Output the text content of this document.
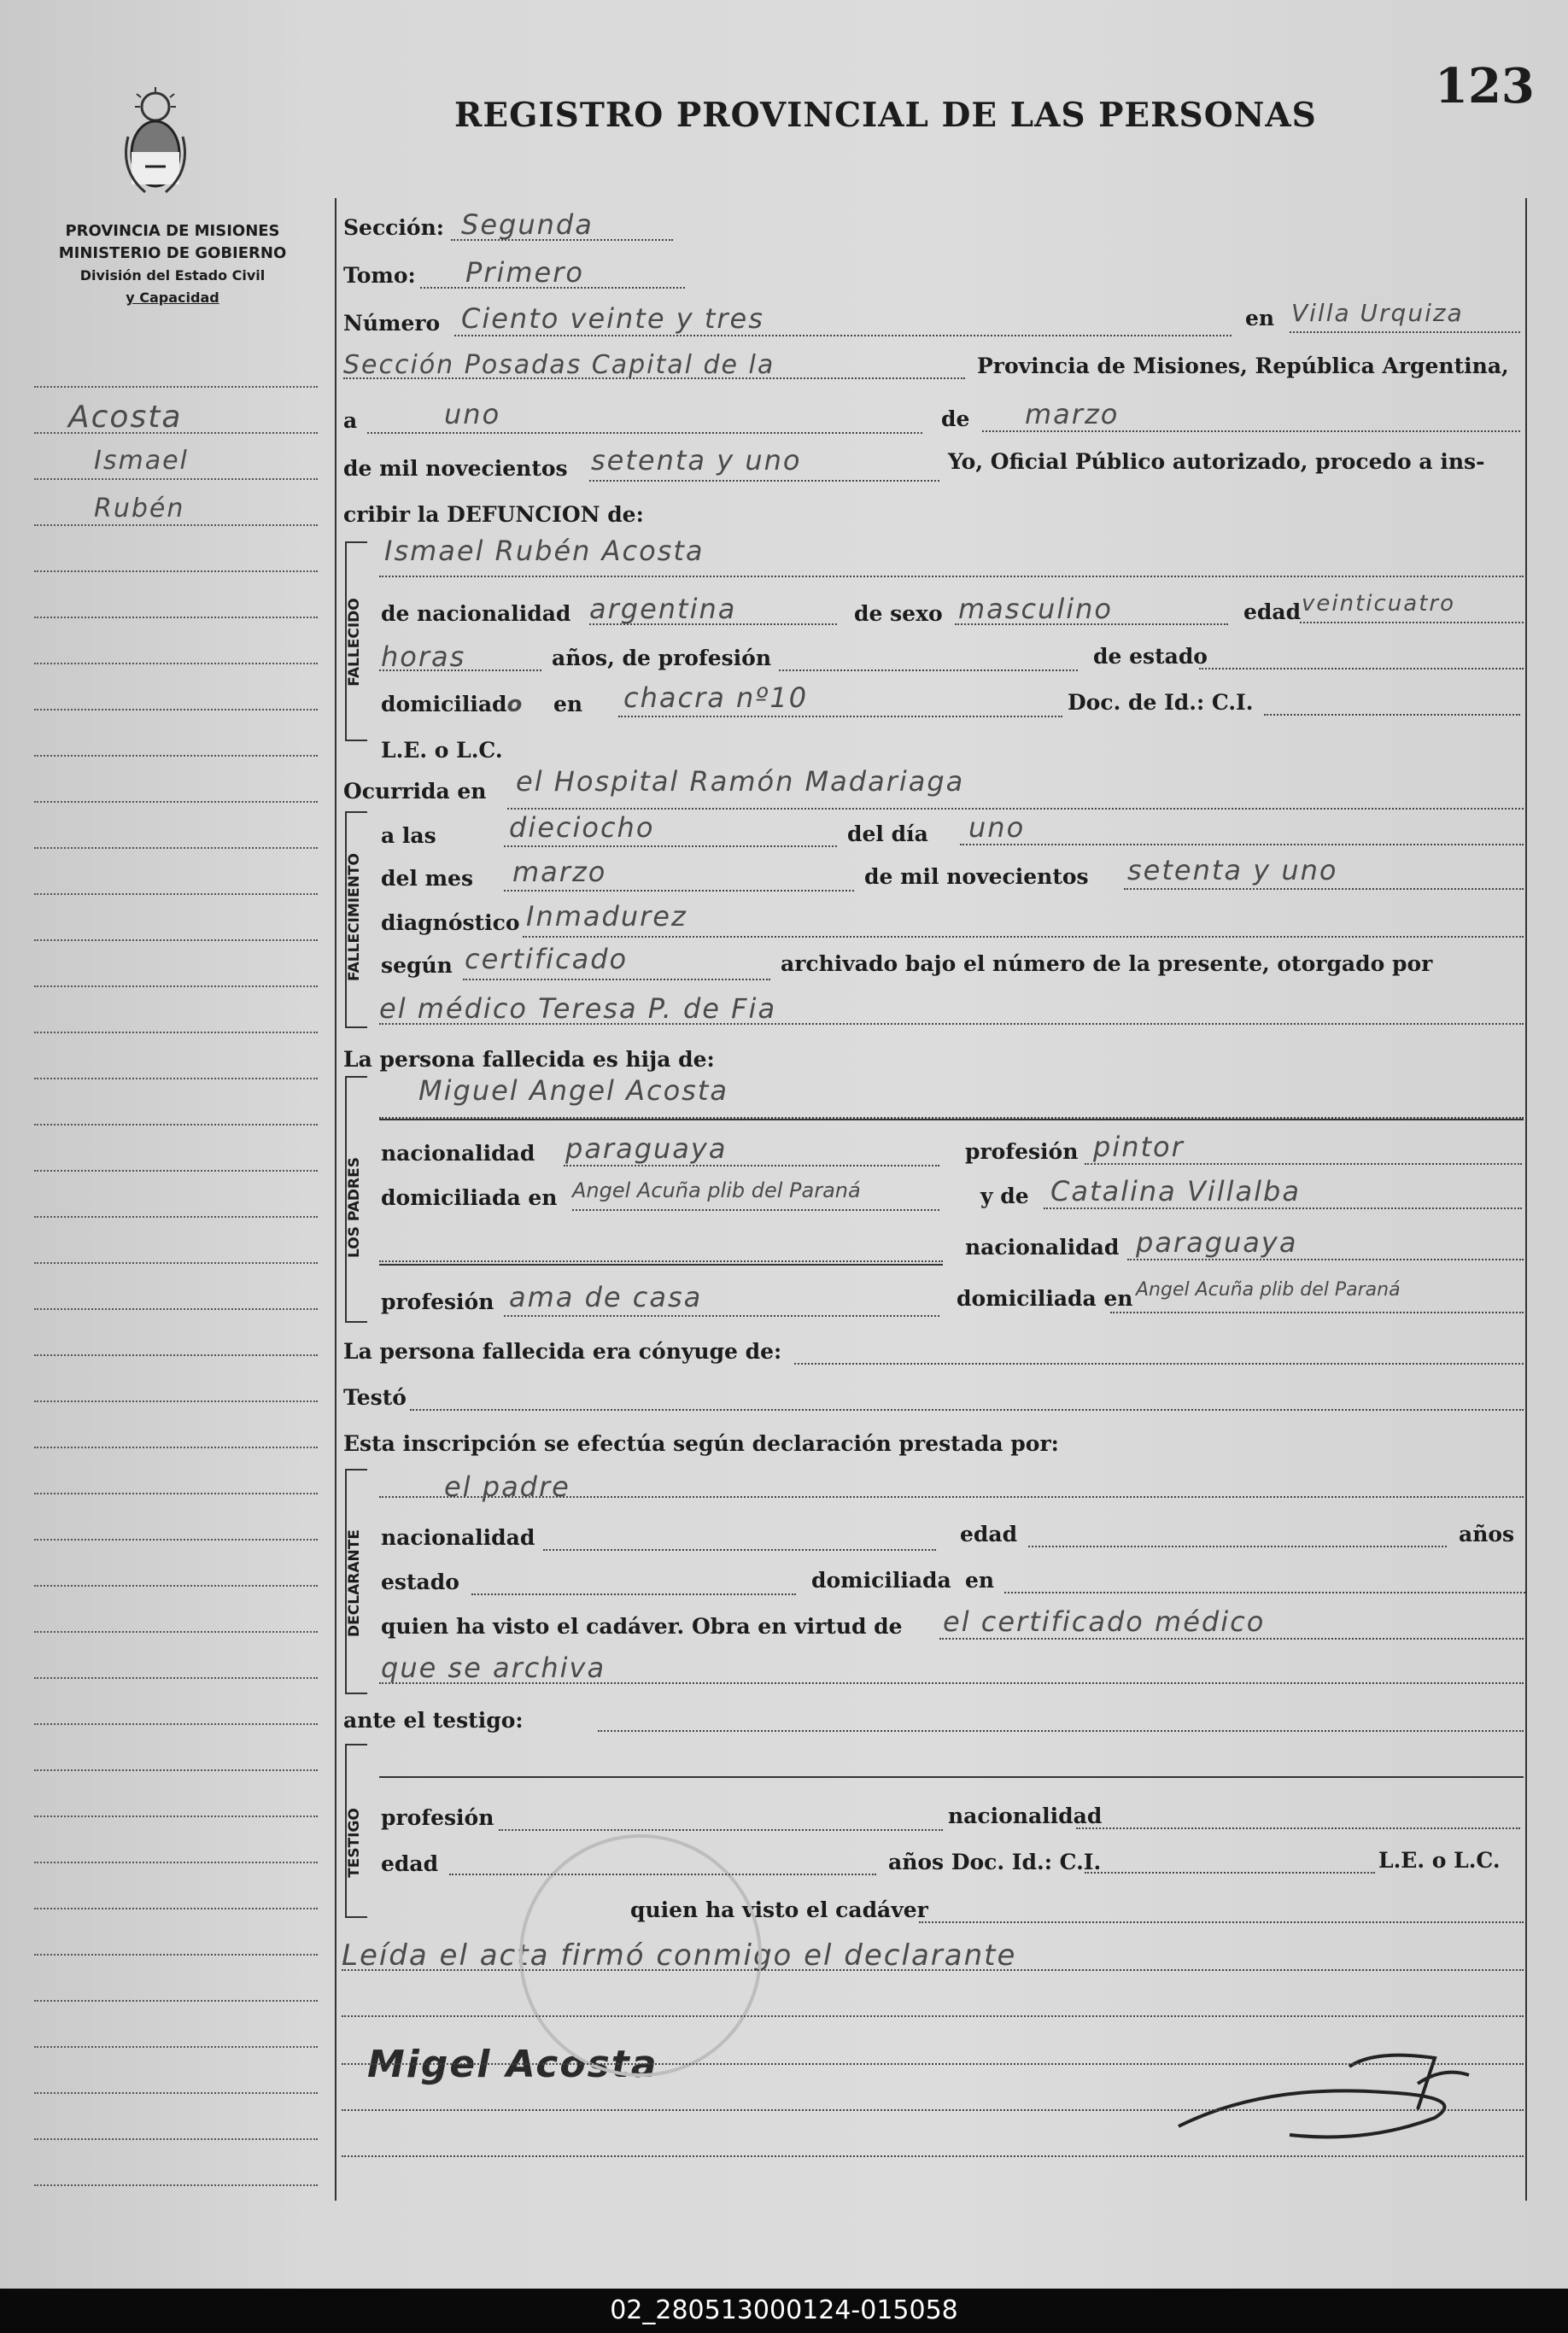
PROVINCIA DE MISIONES
MINISTERIO DE GOBIERNO
División del Estado Civil
y Capacidad
REGISTRO PROVINCIAL DE LAS PERSONAS
123
Acosta
Ismael
Rubén
Sección: Segunda
Tomo: Primero
Número Ciento veinte y tres	en Villa Urquiza
Sección Posadas Capital de la	Provincia de Misiones, República Argentina,
a	uno	de marzo
de mil novecientos setenta y uno	Yo, Oficial Público autorizado, procedo a ins-
cribir la DEFUNCION de:
FALLECIDO
Ismael Rubén Acosta
de nacionalidad argentina	de sexo masculino	edad veinticuatro
horas	años, de profesión	de estado
domiciliado en chacra nº10	Doc. de Id.: C.I.
L.E. o L.C.
Ocurrida en el Hospital Ramón Madariaga
FALLECIMIENTO
a las	dieciocho	del día uno
del mes marzo	de mil novecientos setenta y uno
diagnóstico Inmadurez
según certificado	archivado bajo el número de la presente, otorgado por
el médico Teresa P. de Fia
La persona fallecida es hija de:
LOS PADRES
Miguel Angel Acosta
nacionalidad paraguaya	profesión pintor
domiciliada en Angel Acuña plib del Paraná	y de Catalina Villalba
nacionalidad paraguaya
profesión ama de casa	domiciliada en Angel Acuña plib del Paraná
La persona fallecida era cónyuge de:
Testó
Esta inscripción se efectúa según declaración prestada por:
DECLARANTE
el padre
nacionalidad	edad	años
estado	domiciliada en
quien ha visto el cadáver. Obra en virtud de el certificado médico
que se archiva
ante el testigo:
TESTIGO profesión	nacionalidad
edad	años Doc. Id.: C.I.	L.E. o L.C.
quien ha visto el cadáver
Leída el acta firmó conmigo el declarante
Migel Acosta
02_280513000124-015058
